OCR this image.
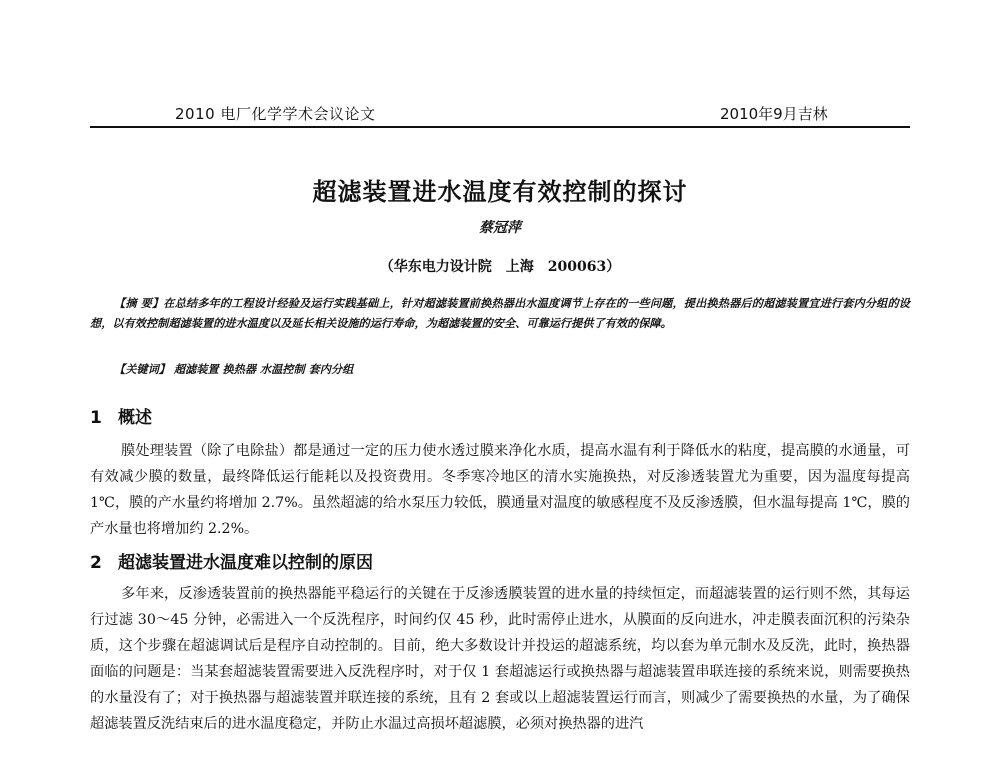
2010 电厂化学学术会议论文	2010年9月吉林
超滤装置进水温度有效控制的探讨
蔡冠萍
（华东电力设计院　上海　200063）
【摘 要】在总结多年的工程设计经验及运行实践基础上，针对超滤装置前换热器出水温度调节上存在的一些问题，提出换热器后的超滤装置宜进行套内分组的设想，以有效控制超滤装置的进水温度以及延长相关设施的运行寿命，为超滤装置的安全、可靠运行提供了有效的保障。
【关键词】 超滤装置 换热器 水温控制 套内分组
1 概述
膜处理装置（除了电除盐）都是通过一定的压力使水透过膜来净化水质，提高水温有利于降低水的粘度，提高膜的水通量，可有效减少膜的数量，最终降低运行能耗以及投资费用。冬季寒冷地区的清水实施换热，对反渗透装置尤为重要，因为温度每提高 1℃，膜的产水量约将增加 2.7%。虽然超滤的给水泵压力较低，膜通量对温度的敏感程度不及反渗透膜，但水温每提高 1℃，膜的产水量也将增加约 2.2%。
2 超滤装置进水温度难以控制的原因
多年来，反渗透装置前的换热器能平稳运行的关键在于反渗透膜装置的进水量的持续恒定，而超滤装置的运行则不然，其每运行过滤 30～45 分钟，必需进入一个反洗程序，时间约仅 45 秒，此时需停止进水，从膜面的反向进水，冲走膜表面沉积的污染杂质，这个步骤在超滤调试后是程序自动控制的。目前，绝大多数设计并投运的超滤系统，均以套为单元制水及反洗，此时，换热器面临的问题是：当某套超滤装置需要进入反洗程序时，对于仅 1 套超滤运行或换热器与超滤装置串联连接的系统来说，则需要换热的水量没有了；对于换热器与超滤装置并联连接的系统，且有 2 套或以上超滤装置运行而言，则减少了需要换热的水量，为了确保超滤装置反洗结束后的进水温度稳定，并防止水温过高损坏超滤膜，必须对换热器的进汽
